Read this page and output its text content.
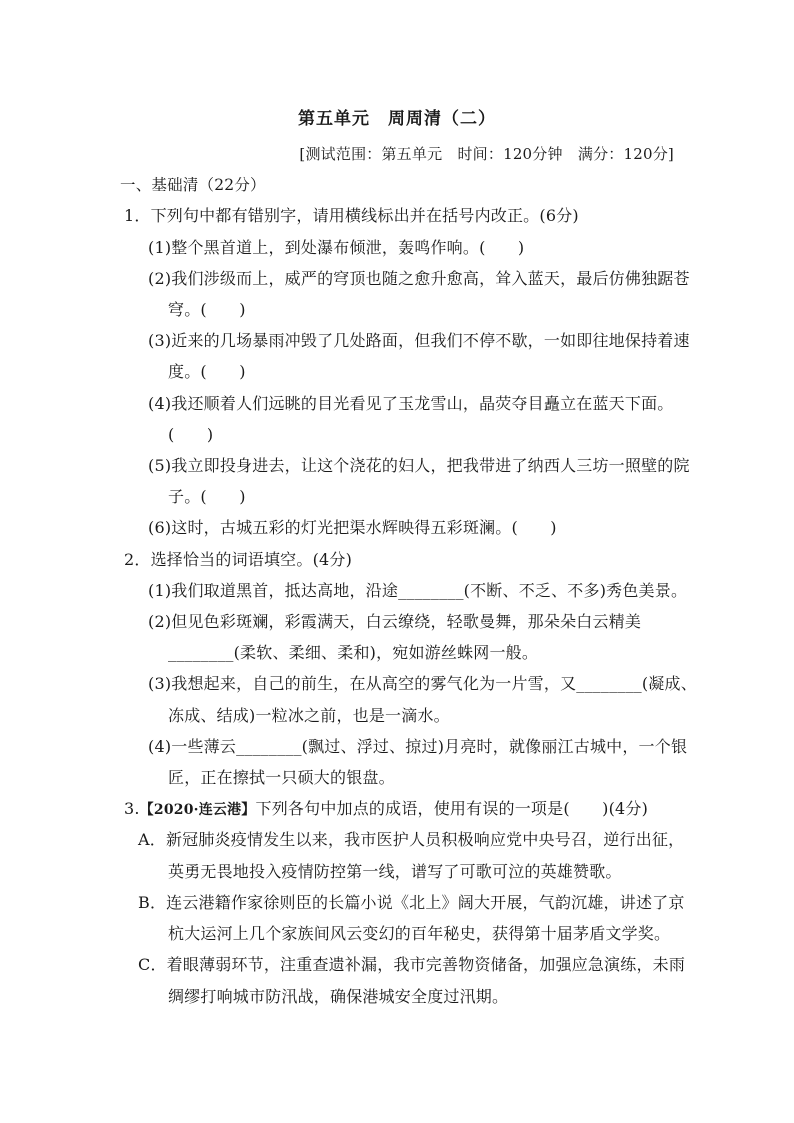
第五单元　周周清（二）
[测试范围：第五单元　时间：120分钟　满分：120分]
一、基础清（22分）
1．下列句中都有错别字，请用横线标出并在括号内改正。(6分)
(1)整个黑首道上，到处瀑布倾泄，轰鸣作响。(　　)
(2)我们涉级而上，威严的穹顶也随之愈升愈高，耸入蓝天，最后仿佛独踞苍
穹。(　　)
(3)近来的几场暴雨冲毁了几处路面，但我们不停不歇，一如即往地保持着速
度。(　　)
(4)我还顺着人们远眺的目光看见了玉龙雪山，晶荧夺目矗立在蓝天下面。
(　　)
(5)我立即投身进去，让这个浇花的妇人，把我带进了纳西人三坊一照壁的院
子。(　　)
(6)这时，古城五彩的灯光把渠水辉映得五彩斑澜。(　　)
2．选择恰当的词语填空。(4分)
(1)我们取道黑首，抵达高地，沿途________(不断、不乏、不多)秀色美景。
(2)但见色彩斑斓，彩霞满天，白云缭绕，轻歌曼舞，那朵朵白云精美
________(柔软、柔细、柔和)，宛如游丝蛛网一般。
(3)我想起来，自己的前生，在从高空的雾气化为一片雪，又________(凝成、
冻成、结成)一粒冰之前，也是一滴水。
(4)一些薄云________(飘过、浮过、掠过)月亮时，就像丽江古城中，一个银
匠，正在擦拭一只硕大的银盘。
3.【2020·连云港】下列各句中加点的成语，使用有误的一项是(　　)(4分)
A．新冠肺炎疫情发生以来，我市医护人员积极响应党中央号召，逆行出征，
英勇无畏地投入疫情防控第一线，谱写了可歌可泣的英雄赞歌。
B．连云港籍作家徐则臣的长篇小说《北上》阔大开展，气韵沉雄，讲述了京
杭大运河上几个家族间风云变幻的百年秘史，获得第十届茅盾文学奖。
C．着眼薄弱环节，注重查遗补漏，我市完善物资储备，加强应急演练，未雨
绸缪打响城市防汛战，确保港城安全度过汛期。
